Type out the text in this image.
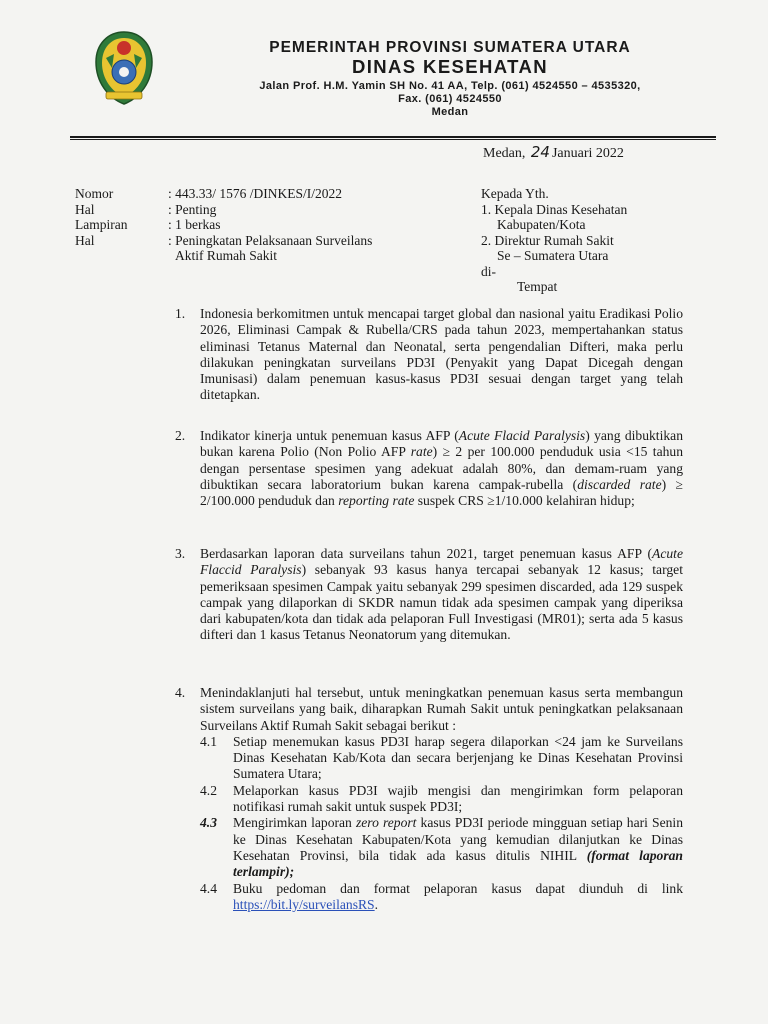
PEMERINTAH PROVINSI SUMATERA UTARA
DINAS KESEHATAN
Jalan Prof. H.M. Yamin SH No. 41 AA, Telp. (061) 4524550 – 4535320,
Fax. (061) 4524550
Medan
Medan, 24 Januari 2022
Nomor
Hal
Lampiran
Hal
: 443.33/ 1576 /DINKES/I/2022
: Penting
: 1 berkas
: Peningkatan Pelaksanaan Surveilans
Aktif Rumah Sakit
Kepada Yth.
1. Kepala Dinas Kesehatan
Kabupaten/Kota
2. Direktur Rumah Sakit
Se – Sumatera Utara
di-
Tempat
1. Indonesia berkomitmen untuk mencapai target global dan nasional yaitu Eradikasi Polio 2026, Eliminasi Campak & Rubella/CRS pada tahun 2023, mempertahankan status eliminasi Tetanus Maternal dan Neonatal, serta pengendalian Difteri, maka perlu dilakukan peningkatan surveilans PD3I (Penyakit yang Dapat Dicegah dengan Imunisasi) dalam penemuan kasus-kasus PD3I sesuai dengan target yang telah ditetapkan.
2. Indikator kinerja untuk penemuan kasus AFP (Acute Flacid Paralysis) yang dibuktikan bukan karena Polio (Non Polio AFP rate) ≥ 2 per 100.000 penduduk usia <15 tahun dengan persentase spesimen yang adekuat adalah 80%, dan demam-ruam yang dibuktikan secara laboratorium bukan karena campak-rubella (discarded rate) ≥ 2/100.000 penduduk dan reporting rate suspek CRS ≥1/10.000 kelahiran hidup;
3. Berdasarkan laporan data surveilans tahun 2021, target penemuan kasus AFP (Acute Flaccid Paralysis) sebanyak 93 kasus hanya tercapai sebanyak 12 kasus; target pemeriksaan spesimen Campak yaitu sebanyak 299 spesimen discarded, ada 129 suspek campak yang dilaporkan di SKDR namun tidak ada spesimen campak yang diperiksa dari kabupaten/kota dan tidak ada pelaporan Full Investigasi (MR01); serta ada 5 kasus difteri dan 1 kasus Tetanus Neonatorum yang ditemukan.
4. Menindaklanjuti hal tersebut, untuk meningkatkan penemuan kasus serta membangun sistem surveilans yang baik, diharapkan Rumah Sakit untuk peningkatkan pelaksanaan Surveilans Aktif Rumah Sakit sebagai berikut :
4.1 Setiap menemukan kasus PD3I harap segera dilaporkan <24 jam ke Surveilans Dinas Kesehatan Kab/Kota dan secara berjenjang ke Dinas Kesehatan Provinsi Sumatera Utara;
4.2 Melaporkan kasus PD3I wajib mengisi dan mengirimkan form pelaporan notifikasi rumah sakit untuk suspek PD3I;
4.3 Mengirimkan laporan zero report kasus PD3I periode mingguan setiap hari Senin ke Dinas Kesehatan Kabupaten/Kota yang kemudian dilanjutkan ke Dinas Kesehatan Provinsi, bila tidak ada kasus ditulis NIHIL (format laporan terlampir);
4.4 Buku pedoman dan format pelaporan kasus dapat diunduh di link https://bit.ly/surveilansRS.
